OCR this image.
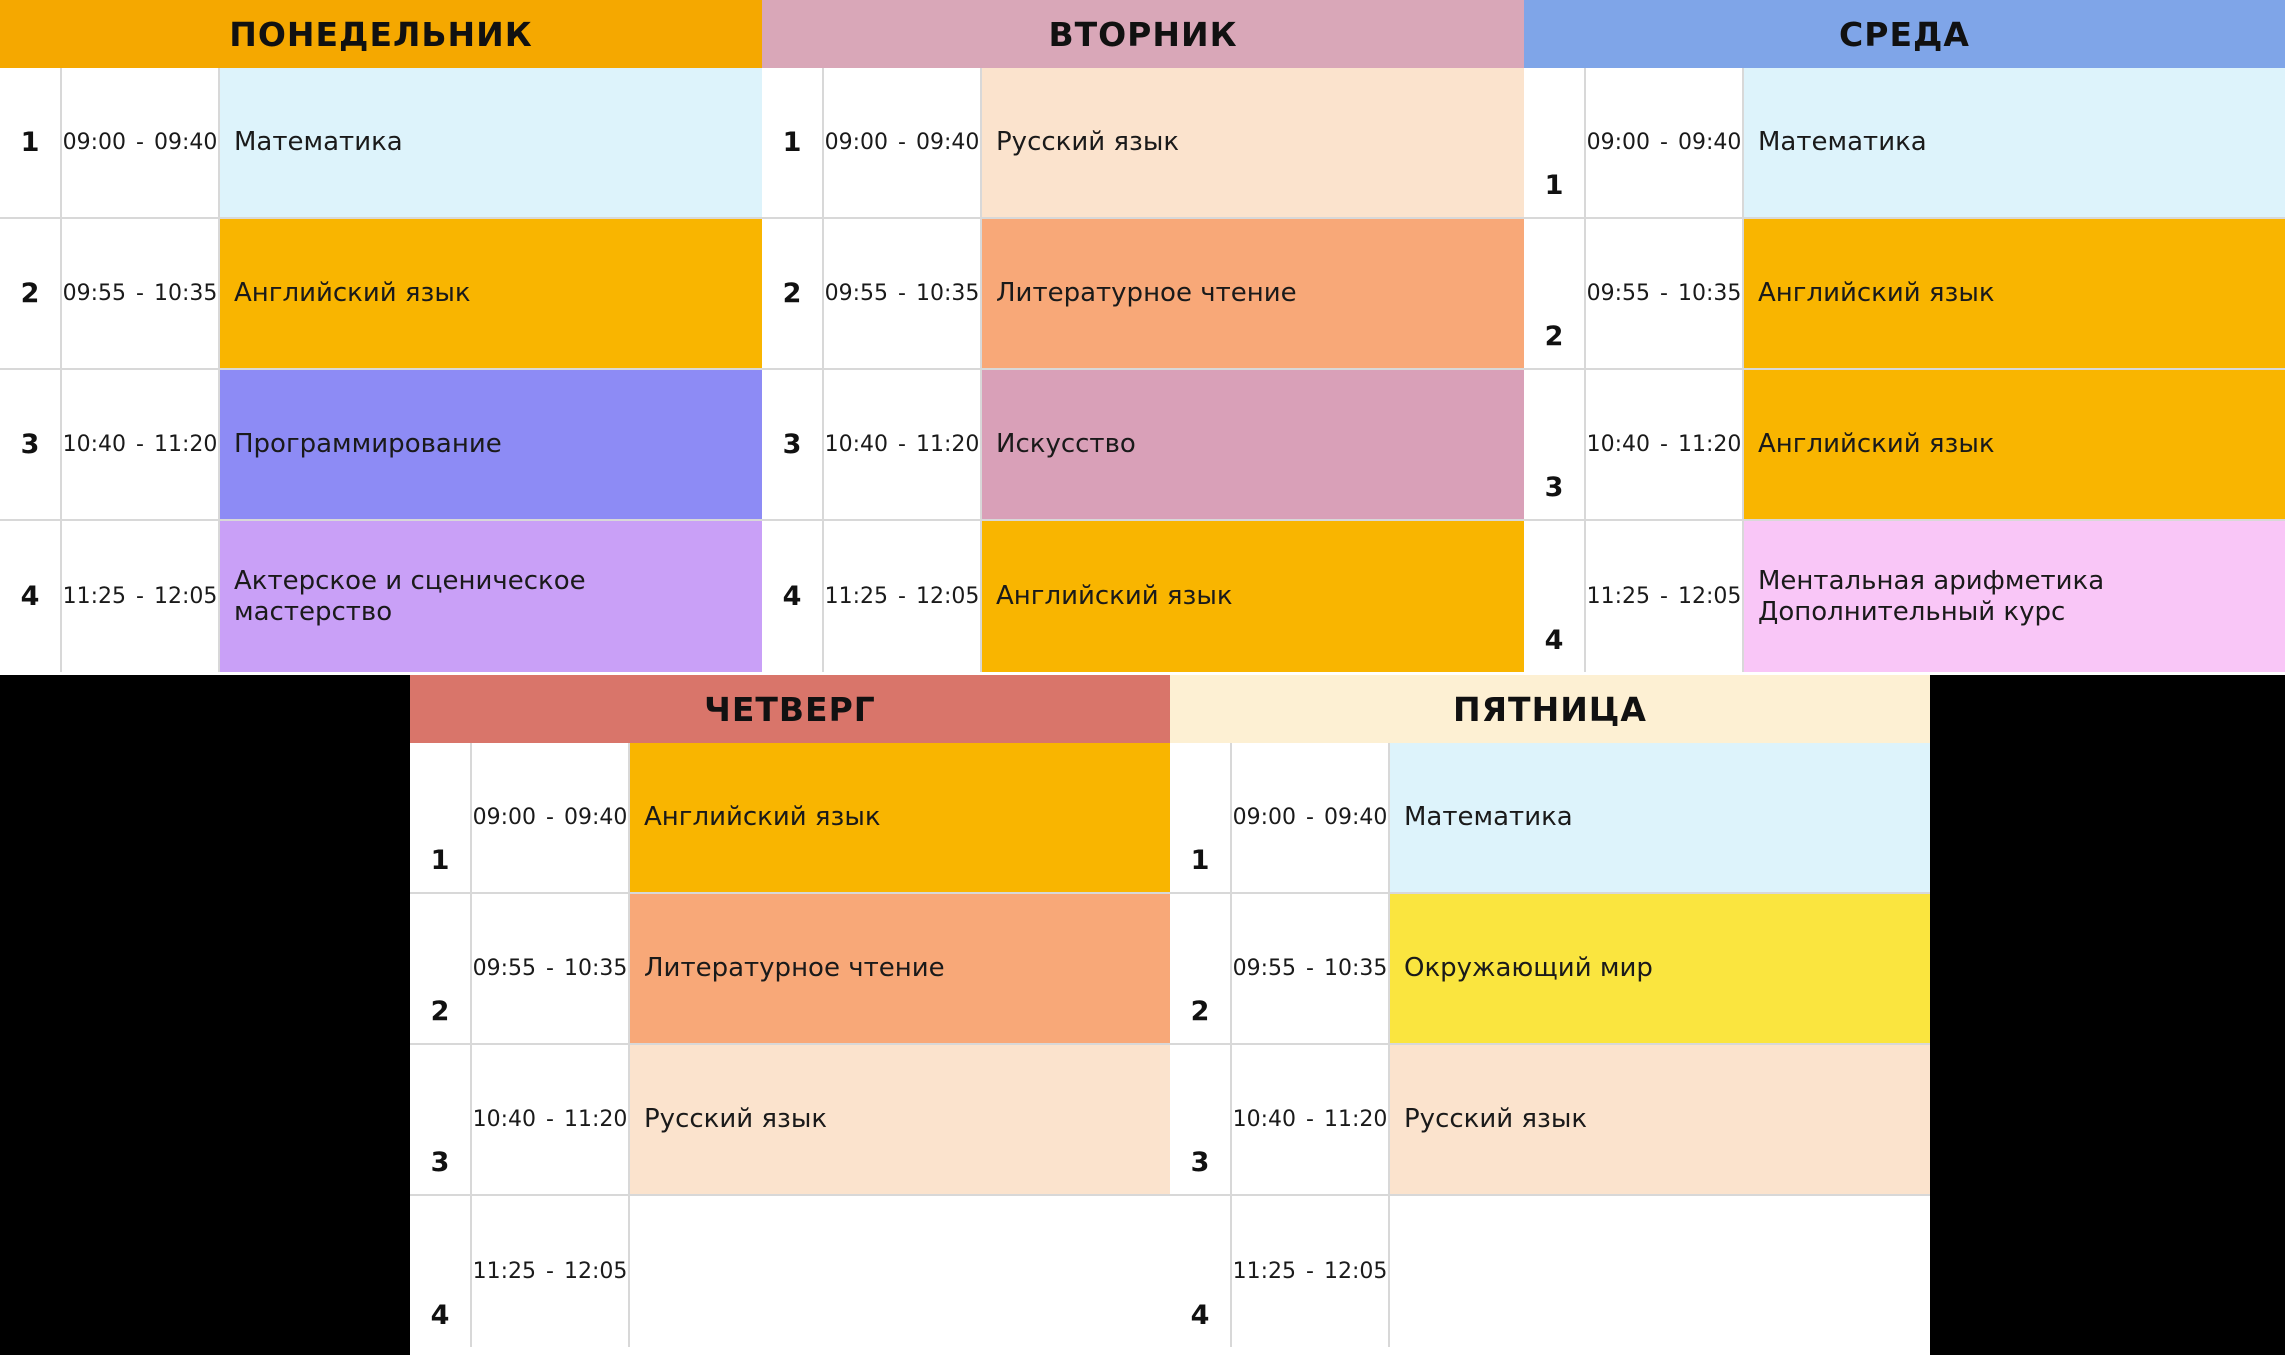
ПОНЕДЕЛЬНИК
1	09:00 - 09:40 Математика
2	09:55 - 10:35 Английский язык
3	10:40 - 11:20 Программирование
4	11:25 - 12:05
Актерское и сценическое мастерство
ВТОРНИК
1	09:00 - 09:40 Русский язык
2	09:55 - 10:35 Литературное чтение
3	10:40 - 11:20 Искусство
4	11:25 - 12:05 Английский язык
СРЕДА
1
09:00 - 09:40 Математика
2
09:55 - 10:35 Английский язык
3
10:40 - 11:20 Английский язык
4
11:25 - 12:05
Ментальная арифметика
Дополнительный курс
ЧЕТВЕРГ
1
09:00 - 09:40 Английский язык
2
09:55 - 10:35 Литературное чтение
3
10:40 - 11:20 Русский язык
4
11:25 - 12:05
ПЯТНИЦА
1
09:00 - 09:40 Математика
2
09:55 - 10:35 Окружающий мир
3
10:40 - 11:20 Русский язык
4
11:25 - 12:05
